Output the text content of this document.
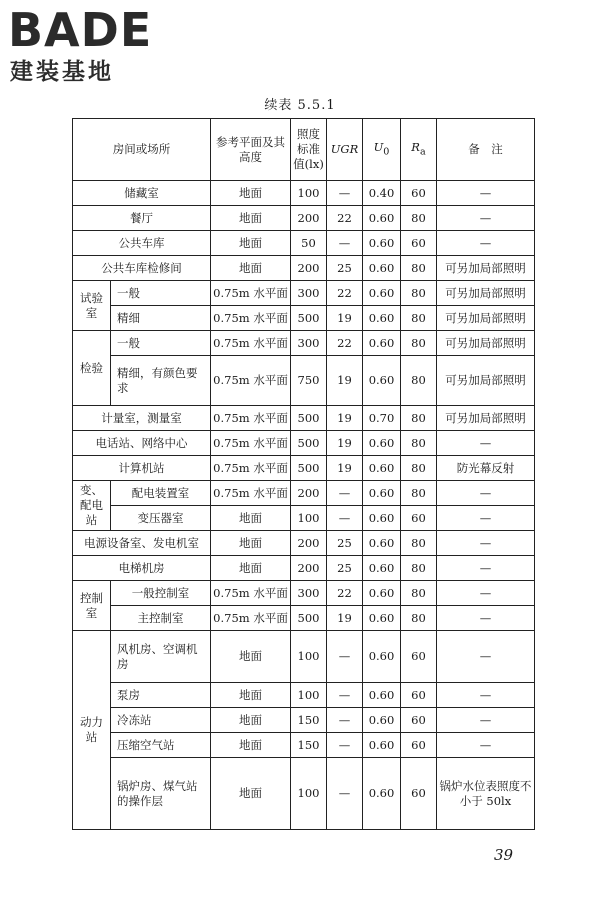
BADE
建装基地
续表 5.5.1
房间或场所		参考平面及其高度	照度标准值(lx)	UGR	$U_0$	$R_a$	备　注
储藏室		地面	100	—	0.40	60	—
餐厅		地面	200	22	0.60	80	—
公共车库		地面	50	—	0.60	60	—
公共车库检修间		地面	200	25	0.60	80	可另加局部照明
试验室	一般	0.75m 水平面	300	22	0.60	80	可另加局部照明
	精细	0.75m 水平面	500	19	0.60	80	可另加局部照明
检验	一般	0.75m 水平面	300	22	0.60	80	可另加局部照明
	精细，有颜色要求	0.75m 水平面	750	19	0.60	80	可另加局部照明
计量室，测量室		0.75m 水平面	500	19	0.70	80	可另加局部照明
电话站、网络中心		0.75m 水平面	500	19	0.60	80	—
计算机站		0.75m 水平面	500	19	0.60	80	防光幕反射
变、配电站	配电装置室	0.75m 水平面	200	—	0.60	80	—
	变压器室	地面	100	—	0.60	60	—
电源设备室、发电机室		地面	200	25	0.60	80	—
电梯机房		地面	200	25	0.60	80	—
控制室	一般控制室	0.75m 水平面	300	22	0.60	80	—
	主控制室	0.75m 水平面	500	19	0.60	80	—
动力站	风机房、空调机房	地面	100	—	0.60	60	—
	泵房	地面	100	—	0.60	60	—
	冷冻站	地面	150	—	0.60	60	—
	压缩空气站	地面	150	—	0.60	60	—
	锅炉房、煤气站的操作层	地面	100	—	0.60	60	锅炉水位表照度不小于 50lx
39
